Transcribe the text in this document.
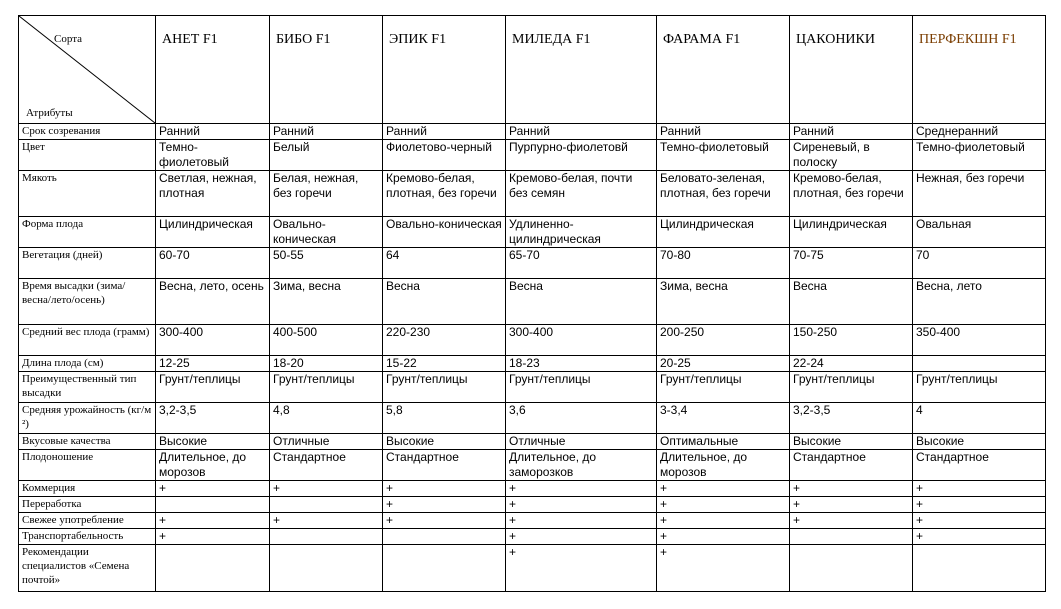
Сорта
Атрибуты	АНЕТ F1	БИБО F1	ЭПИК F1	МИЛЕДА F1	ФАРАМА F1	ЦАКОНИКИ	ПЕРФЕКШН F1
Срок созревания	Ранний	Ранний	Ранний	Ранний	Ранний	Ранний	Среднеранний
Цвет	Темно-фиолетовый	Белый	Фиолетово-черный	Пурпурно-фиолетовй	Темно-фиолетовый	Сиреневый, в полоску	Темно-фиолетовый
Мякоть	Светлая, нежная, плотная	Белая, нежная, без горечи	Кремово-белая, плотная, без горечи	Кремово-белая, почти без семян	Беловато-зеленая, плотная, без горечи	Кремово-белая, плотная, без горечи	Нежная, без горечи
Форма плода	Цилиндрическая	Овально-коническая	Овально-коническая	Удлиненно-цилиндрическая	Цилиндрическая	Цилиндрическая	Овальная
Вегетация (дней)	60-70	50-55	64	65-70	70-80	70-75	70
Время высадки (зима/весна/лето/осень)	Весна, лето, осень	Зима, весна	Весна	Весна	Зима, весна	Весна	Весна, лето
Средний вес плода (грамм)	300-400	400-500	220-230	300-400	200-250	150-250	350-400
Длина плода (см)	12-25	18-20	15-22	18-23	20-25	22-24	
Преимущественный тип высадки	Грунт/теплицы	Грунт/теплицы	Грунт/теплицы	Грунт/теплицы	Грунт/теплицы	Грунт/теплицы	Грунт/теплицы
Средняя урожайность (кг/м ²)	3,2-3,5	4,8	5,8	3,6	3-3,4	3,2-3,5	4
Вкусовые качества	Высокие	Отличные	Высокие	Отличные	Оптимальные	Высокие	Высокие
Плодоношение	Длительное, до морозов	Стандартное	Стандартное	Длительное, до заморозков	Длительное, до морозов	Стандартное	Стандартное
Коммерция	+	+	+	+	+	+	+
Переработка			+	+	+	+	+
Свежее употребление	+	+	+	+	+	+	+
Транспортабельность	+			+	+		+
Рекомендации специалистов «Семена почтой»				+	+		
